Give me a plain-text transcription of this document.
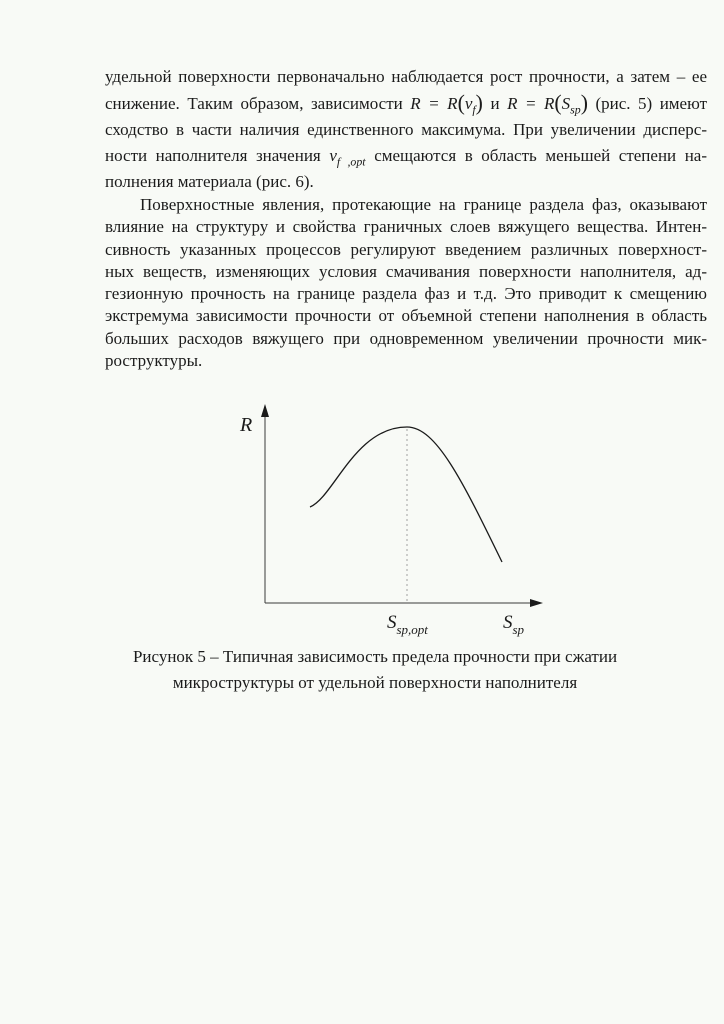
удельной поверхности первоначально наблюдается рост прочности, а затем – ее
снижение. Таким образом, зависимости $R = R(v_f)$ и $R = R(S_{sp})$ (рис. 5) имеют
сходство в части наличия единственного максимума. При увеличении дисперс-
ности наполнителя значения $v_{f ,opt}$ смещаются в область меньшей степени на-
полнения материала (рис. 6).
Поверхностные явления, протекающие на границе раздела фаз, оказывают
влияние на структуру и свойства граничных слоев вяжущего вещества. Интен-
сивность указанных процессов регулируют введением различных поверхност-
ных веществ, изменяющих условия смачивания поверхности наполнителя, ад-
гезионную прочность на границе раздела фаз и т.д. Это приводит к смещению
экстремума зависимости прочности от объемной степени наполнения в область
больших расходов вяжущего при одновременном увеличении прочности мик-
роструктуры.
R
$S_{sp,opt}$	$S_{sp}$
Рисунок 5 – Типичная зависимость предела прочности при сжатии
микроструктуры от удельной поверхности наполнителя
